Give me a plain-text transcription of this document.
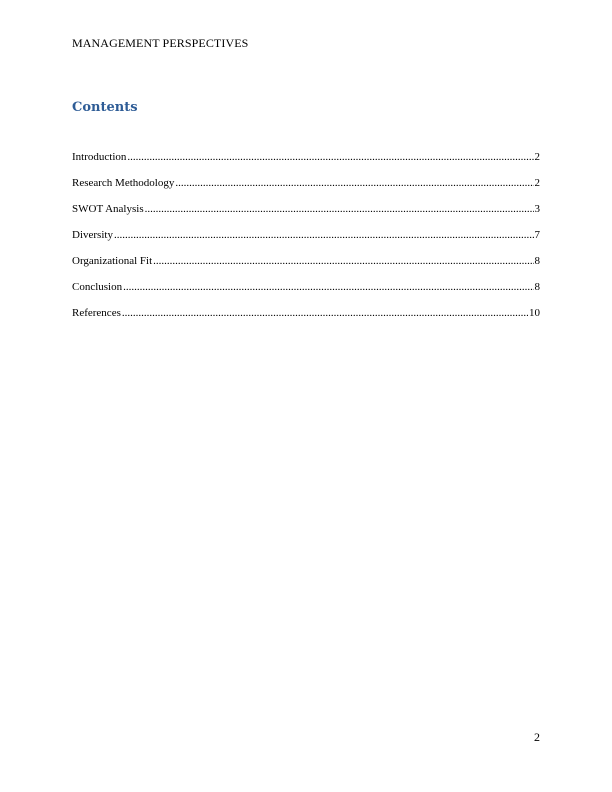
MANAGEMENT PERSPECTIVES
Contents
Introduction .....	2
Research Methodology .....	2
SWOT Analysis .....	3
Diversity .....	7
Organizational Fit .....	8
Conclusion .....	8
References .....	10
2
